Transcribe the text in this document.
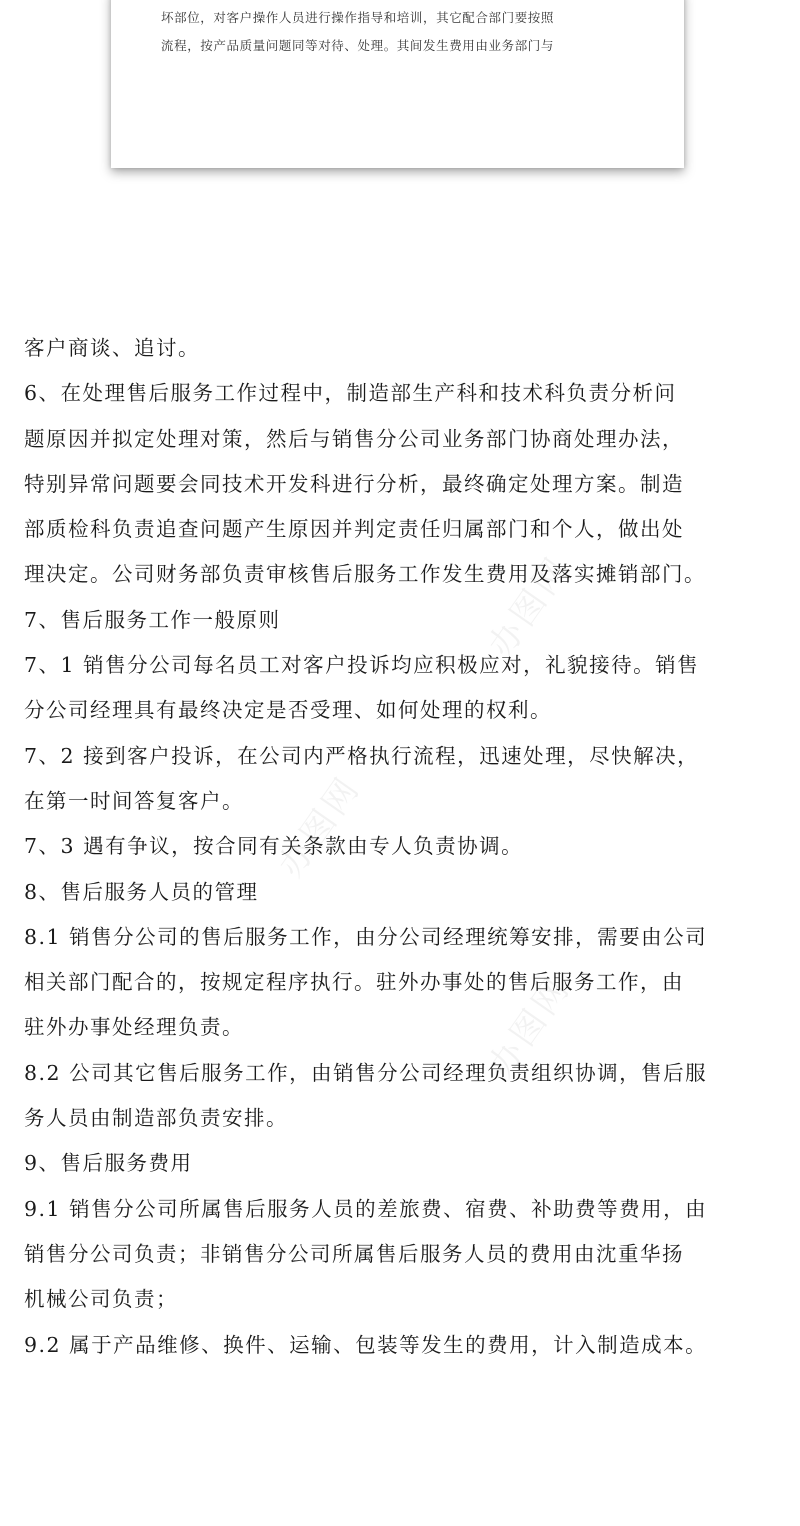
坏部位，对客户操作人员进行操作指导和培训，其它配合部门要按照
流程，按产品质量问题同等对待、处理。其间发生费用由业务部门与
办图网
办图网
办图网
客户商谈、追讨。
6、在处理售后服务工作过程中，制造部生产科和技术科负责分析问
题原因并拟定处理对策，然后与销售分公司业务部门协商处理办法，
特别异常问题要会同技术开发科进行分析，最终确定处理方案。制造
部质检科负责追查问题产生原因并判定责任归属部门和个人，做出处
理决定。公司财务部负责审核售后服务工作发生费用及落实摊销部门。
7、售后服务工作一般原则
7、1 销售分公司每名员工对客户投诉均应积极应对，礼貌接待。销售
分公司经理具有最终决定是否受理、如何处理的权利。
7、2 接到客户投诉，在公司内严格执行流程，迅速处理，尽快解决，
在第一时间答复客户。
7、3 遇有争议，按合同有关条款由专人负责协调。
8、售后服务人员的管理
8.1 销售分公司的售后服务工作，由分公司经理统筹安排，需要由公司
相关部门配合的，按规定程序执行。驻外办事处的售后服务工作，由
驻外办事处经理负责。
8.2 公司其它售后服务工作，由销售分公司经理负责组织协调，售后服
务人员由制造部负责安排。
9、售后服务费用
9.1 销售分公司所属售后服务人员的差旅费、宿费、补助费等费用，由
销售分公司负责；非销售分公司所属售后服务人员的费用由沈重华扬
机械公司负责；
9.2 属于产品维修、换件、运输、包装等发生的费用，计入制造成本。
